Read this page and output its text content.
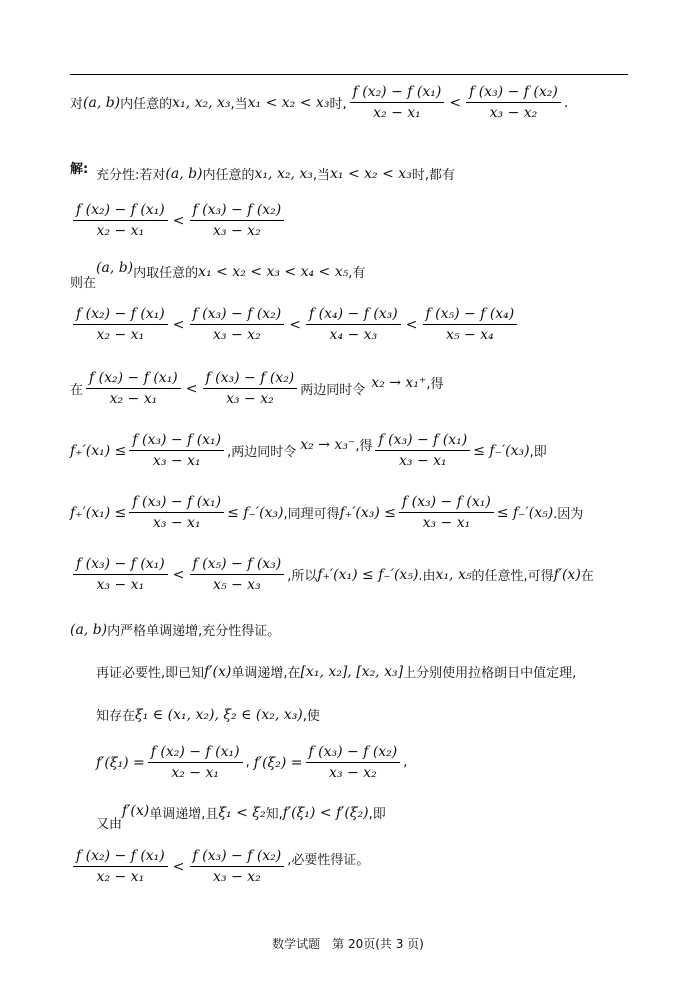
对 (a, b) 内任意的 x₁, x₂, x₃ ,当 x₁ < x₂ < x₃ 时, $\frac{\text{f (x₂) − f (x₁)}}{\text{x₂ − x₁}} < \frac{\text{f (x₃) − f (x₂)}}{\text{x₃ − x₂}}$ .
解: 充分性:若对 (a, b) 内任意的 x₁, x₂, x₃ ,当 x₁ < x₂ < x₃ 时,都有
$\frac{\text{f (x₂) − f (x₁)}}{\text{x₂ − x₁}} < \frac{\text{f (x₃) − f (x₂)}}{\text{x₃ − x₂}}$
则在
(a, b) 内取任意的 x₁ < x₂ < x₃ < x₄ < x₅ ,有
$\frac{\text{f (x₂) − f (x₁)}}{\text{x₂ − x₁}} < \frac{\text{f (x₃) − f (x₂)}}{\text{x₃ − x₂}} < \frac{\text{f (x₄) − f (x₃)}}{\text{x₄ − x₃}} < \frac{\text{f (x₅) − f (x₄)}}{\text{x₅ − x₄}}$
在 $\frac{\text{f (x₂) − f (x₁)}}{\text{x₂ − x₁}} < \frac{\text{f (x₃) − f (x₂)}}{\text{x₃ − x₂}}$ 两边同时令 x₂ → x₁⁺ ,得
$f_+'(x_1) \le \frac{\text{f (x₃) − f (x₁)}}{\text{x₃ − x₁}}$ ,两边同时令 x₂ → x₃⁻ ,得 $\frac{\text{f (x₃) − f (x₁)}}{\text{x₃ − x₁}} \le f_-'(x_3)$ ,即
$f_+'(x_1) \le \frac{\text{f (x₃) − f (x₁)}}{\text{x₃ − x₁}} \le f_-'(x_3)$ ,同理可得 $f_+'(x_3) \le \frac{\text{f (x₃) − f (x₁)}}{\text{x₃ − x₁}} \le f_-'(x_5)$ .因为
$\frac{\text{f (x₃) − f (x₁)}}{\text{x₃ − x₁}} < \frac{\text{f (x₅) − f (x₃)}}{\text{x₅ − x₃}}$ ,所以 f₊′(x₁) ≤ f₋′(x₅) .由 x₁, x₅ 的任意性,可得 f′(x) 在
(a, b) 内严格单调递增,充分性得证。
再证必要性,即已知 f′(x) 单调递增,在 [x₁, x₂], [x₂, x₃] 上分别使用拉格朗日中值定理,
知存在 ξ₁ ∈ (x₁, x₂), ξ₂ ∈ (x₂, x₃) ,使
$f'(\xi_1) = \frac{\text{f (x₂) − f (x₁)}}{\text{x₂ − x₁}}$ , $f'(\xi_2) = \frac{\text{f (x₃) − f (x₂)}}{\text{x₃ − x₂}}$ ,
又由
f′(x) 单调递增,且 ξ₁ < ξ₂ 知, f′(ξ₁) < f′(ξ₂) ,即
$\frac{\text{f (x₂) − f (x₁)}}{\text{x₂ − x₁}} < \frac{\text{f (x₃) − f (x₂)}}{\text{x₃ − x₂}}$ ,必要性得证。
数学试题　第 20页(共 3 页)
